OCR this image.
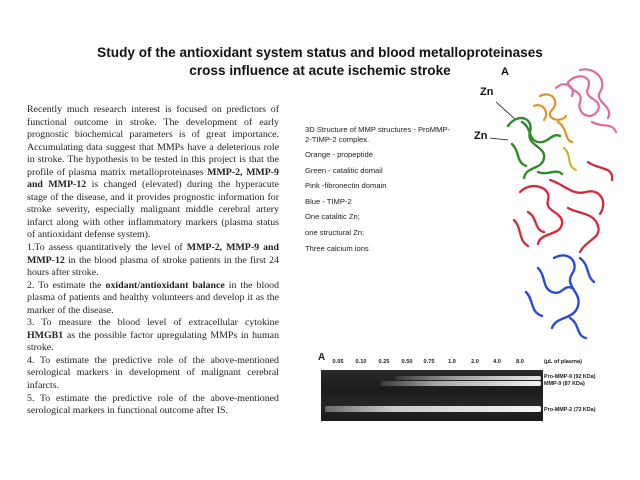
Study of the antioxidant system status and blood metalloproteinases
cross influence at acute ischemic stroke

Recently much research interest is focused on predictors of functional outcome in stroke. The development of early prognostic biochemical parameters is of great importance. Accumulating data suggest that MMPs have a deleterious role in stroke. The hypothesis to be tested in this project is that the profile of plasma matrix metalloproteinases MMP-2, MMP-9 and MMP-12 is changed (elevated) during the hyperacute stage of the disease, and it provides prognostic information for stroke severity, especially malignant middle cerebral artery infarct along with other inflammatory markers (plasma status of antioxidant defense system).

1.To assess quantitatively the level of MMP-2, MMP-9 and MMP-12 in the blood plasma of stroke patients in the first 24 hours after stroke.

2. To estimate the oxidant/antioxidant balance in the blood plasma of patients and healthy volunteers and develop it as the marker of the disease.

3. To measure the blood level of extracellular cytokine HMGB1 as the possible factor upregulating MMPs in human stroke.

4. To estimate the predictive role of the above-mentioned serological markers in development of malignant cerebral infarcts.

5. To estimate the predictive role of the above-mentioned serological markers in functional outcome after IS.

3D Structure of MMP structures - ProMMP-2-TIMP-2 complex.
Orange - propeptide
Green - catalitic domail
Pink -fibronectin domain
Blue - TIMP-2
One catalitic Zn;
one structural Zn;
Three calcium ions
A
Zn
Zn
A 0.05 0.10 0.25 0.50 0.75 1.0	2.0	4.0	8.0	(µL of plasma)
Pro-MMP-9 (92 KDa)
MMP-9 (87 KDa)
Pro-MMP-2 (72 KDa)
